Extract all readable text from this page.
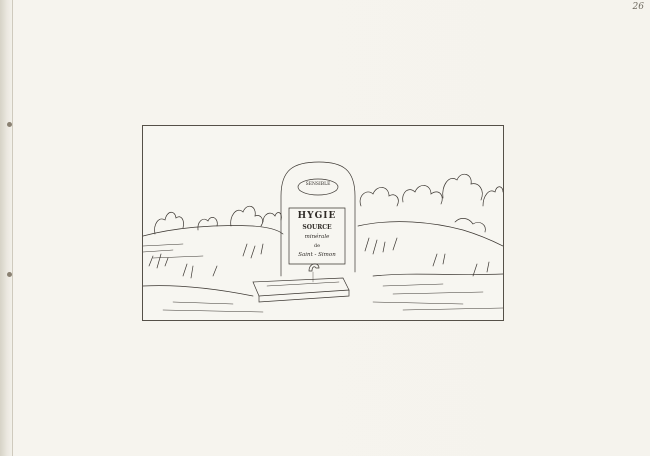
26
SENSIBLE
HYGIE
SOURCE
minérale
de
Saint - Simon
